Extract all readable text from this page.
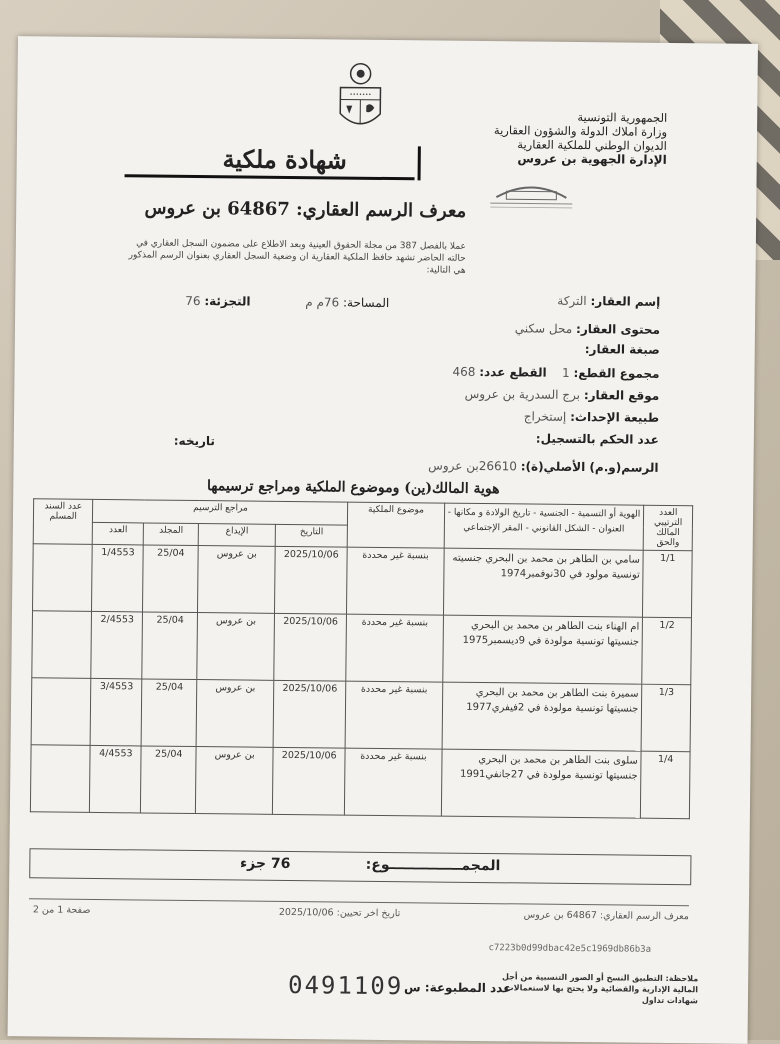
∙∙∙∙∙∙∙
الجمهورية التونسية
وزارة املاك الدولة والشؤون العقارية
الديوان الوطني للملكية العقارية
الإدارة الجهوية بن عروس
شهادة ملكية
معرف الرسم العقاري: 64867 بن عروس
عملا بالفصل 387 من مجلة الحقوق العينية وبعد الاطلاع على مضمون السجل العقاري في حالته الحاضر تشهد حافظ الملكية العقارية ان وضعية السجل العقاري بعنوان الرسم المذكور هي التالية:
إسم العقار: التركة
المساحة: 76م م
التجزئة: 76
محتوى العقار: محل سكني
صبغة العقار:
مجموع القطع: 1
القطع عدد: 468
موقع العقار: برج السدرية بن عروس
طبيعة الإحداث: إستخراج
عدد الحكم بالتسجيل:
تاريخه:
الرسم(و.م) الأصلي(ة): 26610بن عروس
هوية المالك(ين) وموضوع الملكية ومراجع ترسيمها
العدد الترتيبي المالك والحق	الهوية أو التسمية - الجنسية - تاريخ الولادة و مكانها - العنوان - الشكل القانوني - المقر الإجتماعي	موضوع الملكية	مراجع الترسيم				عدد السند المسلم
			التاريخ	الإيداع	المجلد	العدد	
1/1	سامي بن الطاهر بن محمد بن البحري جنسيته تونسية مولود في 30نوفمبر1974	بنسبة غير محددة	2025/10/06	بن عروس	25/04	1/4553	
1/2	ام الهناء بنت الطاهر بن محمد بن البحري جنسيتها تونسية مولودة في 9ديسمبر1975	بنسبة غير محددة	2025/10/06	بن عروس	25/04	2/4553	
1/3	سميرة بنت الطاهر بن محمد بن البحري جنسيتها تونسية مولودة في 2فيفري1977	بنسبة غير محددة	2025/10/06	بن عروس	25/04	3/4553	
1/4	سلوى بنت الطاهر بن محمد بن البحري جنسيتها تونسية مولودة في 27جانفي1991	بنسبة غير محددة	2025/10/06	بن عروس	25/04	4/4553	
المجمـــــــــــــــوع:
76 جزء
معرف الرسم العقاري: 64867 بن عروس
تاريخ اخر تحيين: 2025/10/06
صفحة 1 من 2
c7223b0d99dbac42e5c1969db86b3a
0491109 عدد المطبوعة: س
ملاحظة: التطبيق النسخ أو الصور التنسبية من أجل المالية الإدارية والقضائية ولا يحتج بها لاستعمالات شهادات تداول
